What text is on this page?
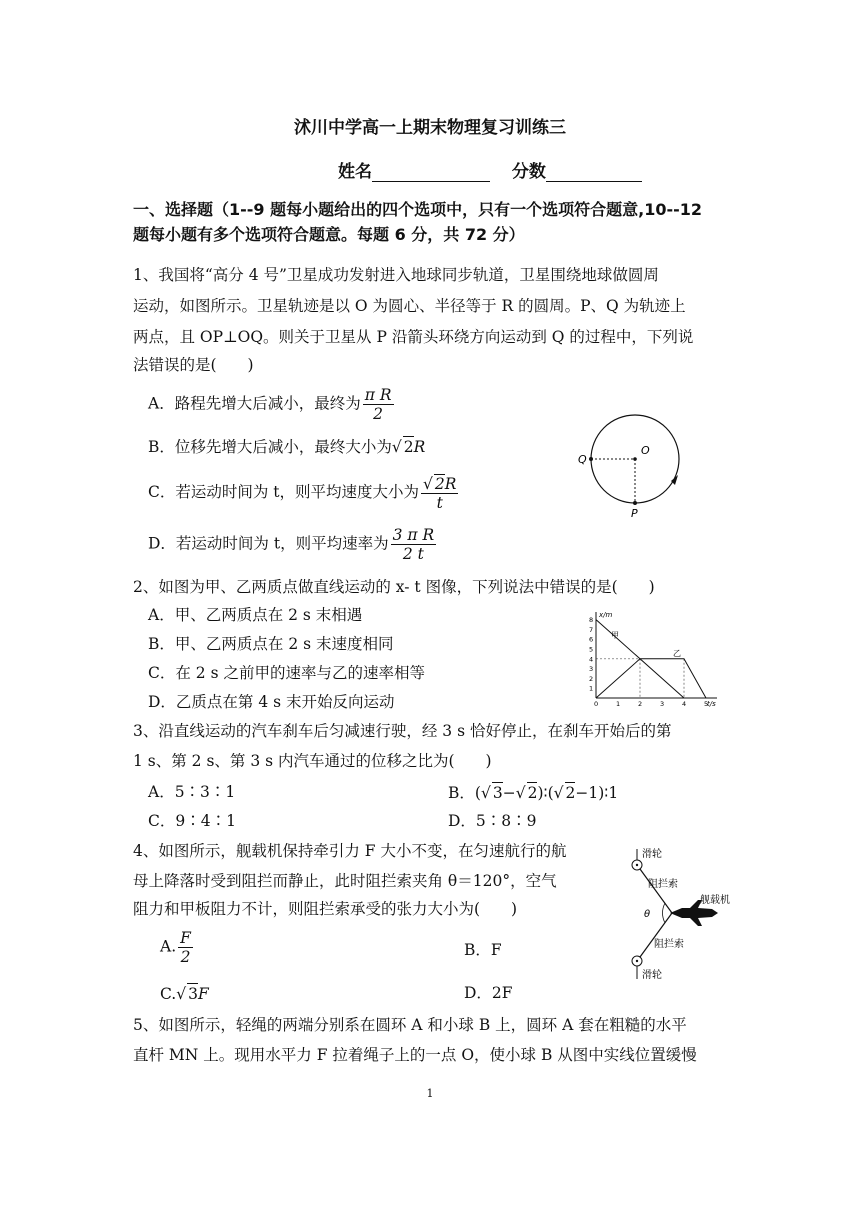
沭川中学高一上期末物理复习训练三
姓名	分数
一、选择题（1--9 题每小题给出的四个选项中，只有一个选项符合题意,10--12
题每小题有多个选项符合题意。每题 6 分，共 72 分）
1、我国将“高分 4 号”卫星成功发射进入地球同步轨道，卫星围绕地球做圆周
运动，如图所示。卫星轨迹是以 O 为圆心、半径等于 R 的圆周。P、Q 为轨迹上
两点，且 OP⊥OQ。则关于卫星从 P 沿箭头环绕方向运动到 Q 的过程中，下列说
法错误的是(　　)
A．路程先增大后减小，最终为 $\frac{\text{π R}}{2}$
B．位移先增大后减小，最终大小为√ 2R
C．若运动时间为 t，则平均速度大小为 $\frac{√ 2R}{t}$
D．若运动时间为 t，则平均速率为 $\frac{\text{3 π R}}{2 t}$
O
Q
P
2、如图为甲、乙两质点做直线运动的 x- t 图像，下列说法中错误的是(　　)
A．甲、乙两质点在 2 s 末相遇
B．甲、乙两质点在 2 s 末速度相同
C．在 2 s 之前甲的速率与乙的速率相等
D．乙质点在第 4 s 末开始反向运动
x/m
t/s
1
2
3
4
5
6
7
8
0	1	2	3	4	5
甲
乙
3、沿直线运动的汽车刹车后匀减速行驶，经 3 s 恰好停止，在刹车开始后的第
1 s、第 2 s、第 3 s 内汽车通过的位移之比为(　　)
A．5∶3∶1	B．(√ 3−√ 2)∶(√ 2−1)∶1
C．9∶4∶1	D．5∶8∶9
4、如图所示，舰载机保持牵引力 F 大小不变，在匀速航行的航
母上降落时受到阻拦而静止，此时阻拦索夹角 θ＝120°，空气
阻力和甲板阻力不计，则阻拦索承受的张力大小为(　　)
A. $\frac{F}{2}$	B．F
C.√ 3F	D．2F
滑轮
滑轮
阻拦索
阻拦索
舰载机
θ
5、如图所示，轻绳的两端分别系在圆环 A 和小球 B 上，圆环 A 套在粗糙的水平
直杆 MN 上。现用水平力 F 拉着绳子上的一点 O，使小球 B 从图中实线位置缓慢
1
